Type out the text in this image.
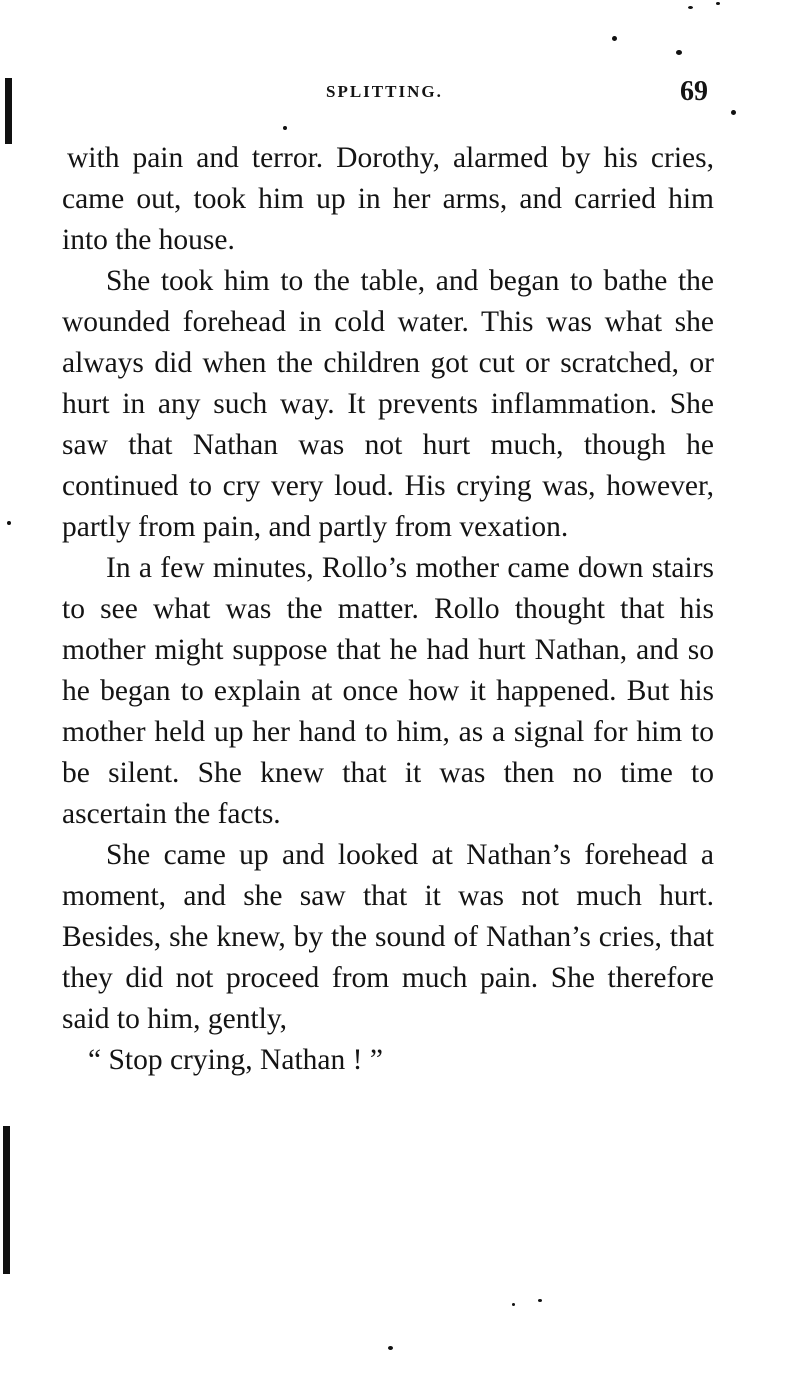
SPLITTING.	69

with pain and terror. Dorothy, alarmed by his cries, came out, took him up in her arms, and carried him into the house.

She took him to the table, and began to bathe the wounded forehead in cold water. This was what she always did when the children got cut or scratched, or hurt in any such way. It prevents inflammation. She saw that Nathan was not hurt much, though he continued to cry very loud. His crying was, however, partly from pain, and partly from vexation.

In a few minutes, Rollo’s mother came down stairs to see what was the matter. Rollo thought that his mother might suppose that he had hurt Nathan, and so he began to explain at once how it happened. But his mother held up her hand to him, as a signal for him to be silent. She knew that it was then no time to ascertain the facts.

She came up and looked at Nathan’s forehead a moment, and she saw that it was not much hurt. Besides, she knew, by the sound of Nathan’s cries, that they did not proceed from much pain. She therefore said to him, gently,

“ Stop crying, Nathan ! ”
